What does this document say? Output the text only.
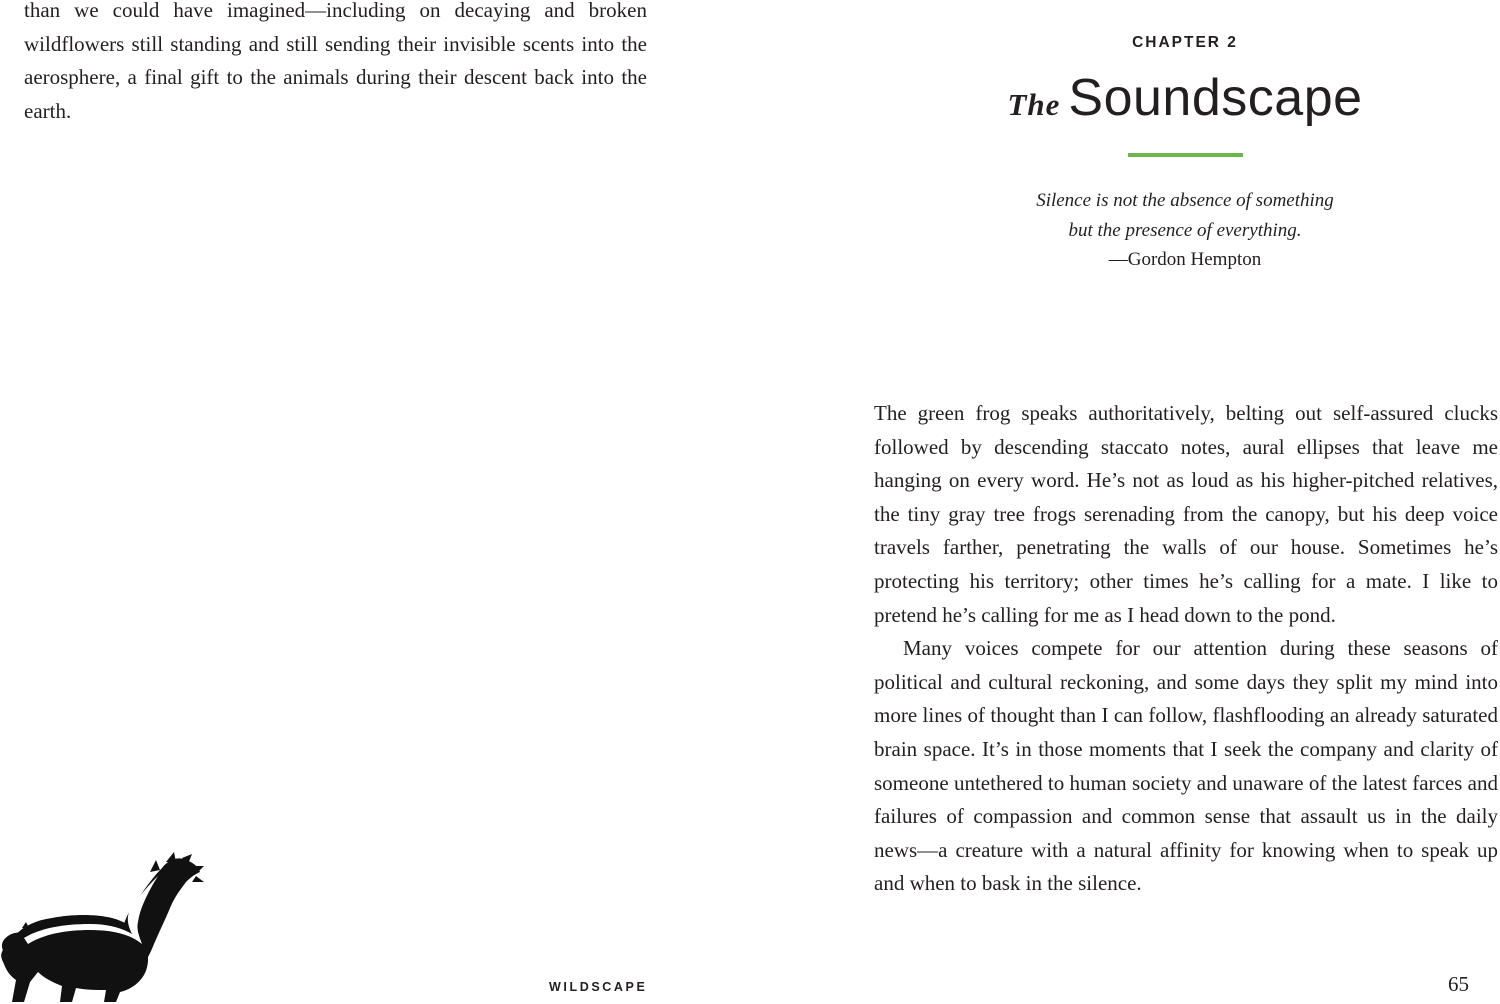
than we could have imagined—including on decaying and broken wildflowers still standing and still sending their invisible scents into the aerosphere, a final gift to the animals during their descent back into the earth.

WILDSCAPE
CHAPTER 2
The Soundscape
Silence is not the absence of something
but the presence of everything.
—Gordon Hempton

The green frog speaks authoritatively, belting out self-assured clucks followed by descending staccato notes, aural ellipses that leave me hanging on every word. He’s not as loud as his higher-pitched relatives, the tiny gray tree frogs serenading from the canopy, but his deep voice travels farther, penetrating the walls of our house. Sometimes he’s protecting his territory; other times he’s calling for a mate. I like to pretend he’s calling for me as I head down to the pond.

Many voices compete for our attention during these seasons of political and cultural reckoning, and some days they split my mind into more lines of thought than I can follow, flashflooding an already saturated brain space. It’s in those moments that I seek the company and clarity of someone untethered to human society and unaware of the latest farces and failures of compassion and common sense that assault us in the daily news—a creature with a natural affinity for knowing when to speak up and when to bask in the silence.

65
